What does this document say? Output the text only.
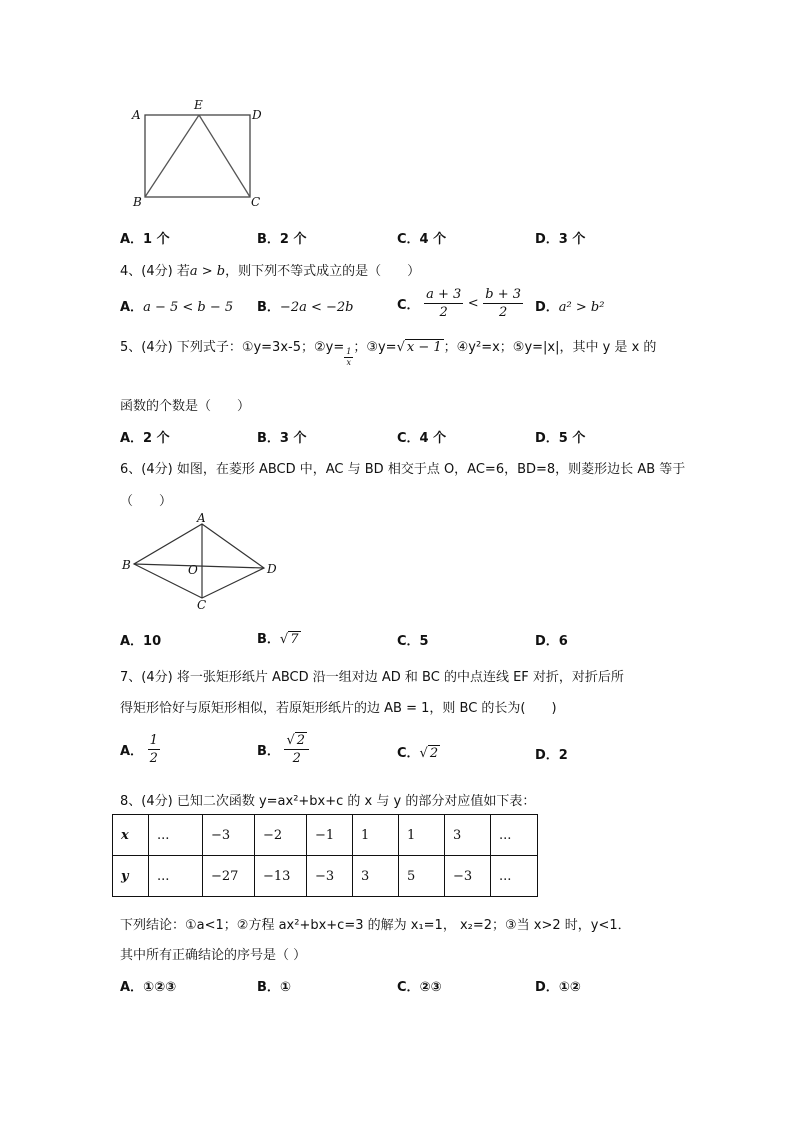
A
E
D
B	C
A．1 个	B．2 个	C．4 个	D．3 个
4、(4分) 若a > b，则下列不等式成立的是（　　）
A．a − 5 < b − 5 B．−2a < −2b	C． $\frac{a + 3}{2} < \frac{b + 3}{2}$ D．a² > b²
5、(4分) 下列式子：①y=3x-5；②y= $\frac{1}{x}$ ；③y=√ x − 1 ；④y²=x；⑤y=|x|，其中 y 是 x 的
函数的个数是（　　）
A．2 个	B．3 个	C．4 个	D．5 个
6、(4分) 如图，在菱形 ABCD 中，AC 与 BD 相交于点 O，AC=6，BD=8，则菱形边长 AB 等于
（　　）
A
B	O	D
C
A．10	B．√ 7	C．5	D．6
7、(4分) 将一张矩形纸片 ABCD 沿一组对边 AD 和 BC 的中点连线 EF 对折，对折后所
得矩形恰好与原矩形相似，若原矩形纸片的边 AB = 1，则 BC 的长为(　　)
A． $\frac{1}{2}$	B． $\frac{√ 2}{2}$	C．√ 2	D．2
8、(4分) 已知二次函数 y=ax²+bx+c 的 x 与 y 的部分对应值如下表：
x	...	−3	−2	−1	1	1	3	...
y	...	−27	−13	−3	3	5	−3	...
下列结论：①a<1；②方程 ax²+bx+c=3 的解为 x₁=1， x₂=2；③当 x>2 时，y<1．
其中所有正确结论的序号是（ ）
A．①②③	B．①	C．②③	D．①②
